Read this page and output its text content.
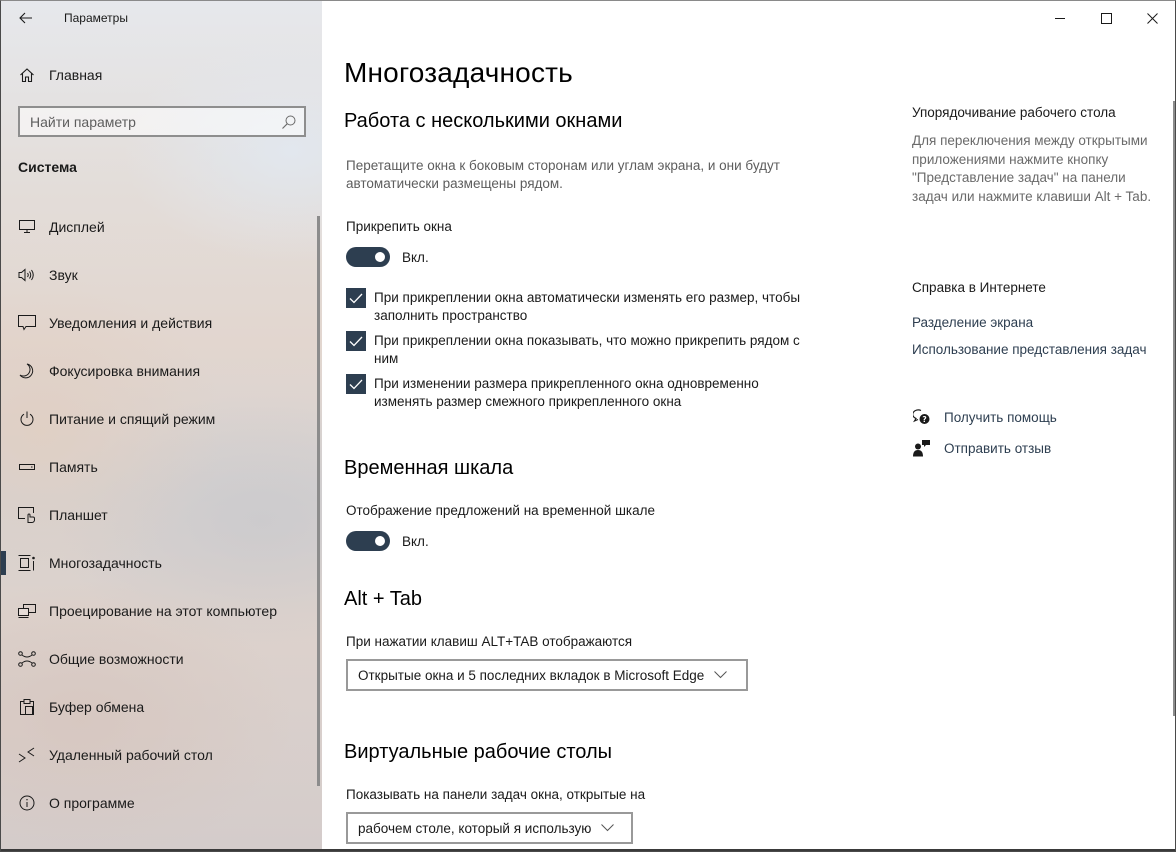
Параметры
Главная
Найти параметр
Система
Дисплей
Звук
Уведомления и действия
Фокусировка внимания
Питание и спящий режим
Память
Планшет
Многозадачность
Проецирование на этот компьютер
Общие возможности
Буфер обмена
Удаленный рабочий стол
О программе
Многозадачность
Работа с несколькими окнами

Перетащите окна к боковым сторонам или углам экрана, и они будут автоматически размещены рядом.

Прикрепить окна
Вкл.
При прикреплении окна автоматически изменять его размер, чтобы заполнить пространство
При прикреплении окна показывать, что можно прикрепить рядом с ним
При изменении размера прикрепленного окна одновременно изменять размер смежного прикрепленного окна
Временная шкала
Отображение предложений на временной шкале
Вкл.
Alt + Tab
При нажатии клавиш ALT+TAB отображаются
Открытые окна и 5 последних вкладок в Microsoft Edge
Виртуальные рабочие столы
Показывать на панели задач окна, открытые на
рабочем столе, который я использую
Упорядочивание рабочего стола

Для переключения между открытыми приложениями нажмите кнопку "Представление задач" на панели задач или нажмите клавиши Alt + Tab.

Справка в Интернете
Разделение экрана
Использование представления задач
? Получить помощь
Отправить отзыв
